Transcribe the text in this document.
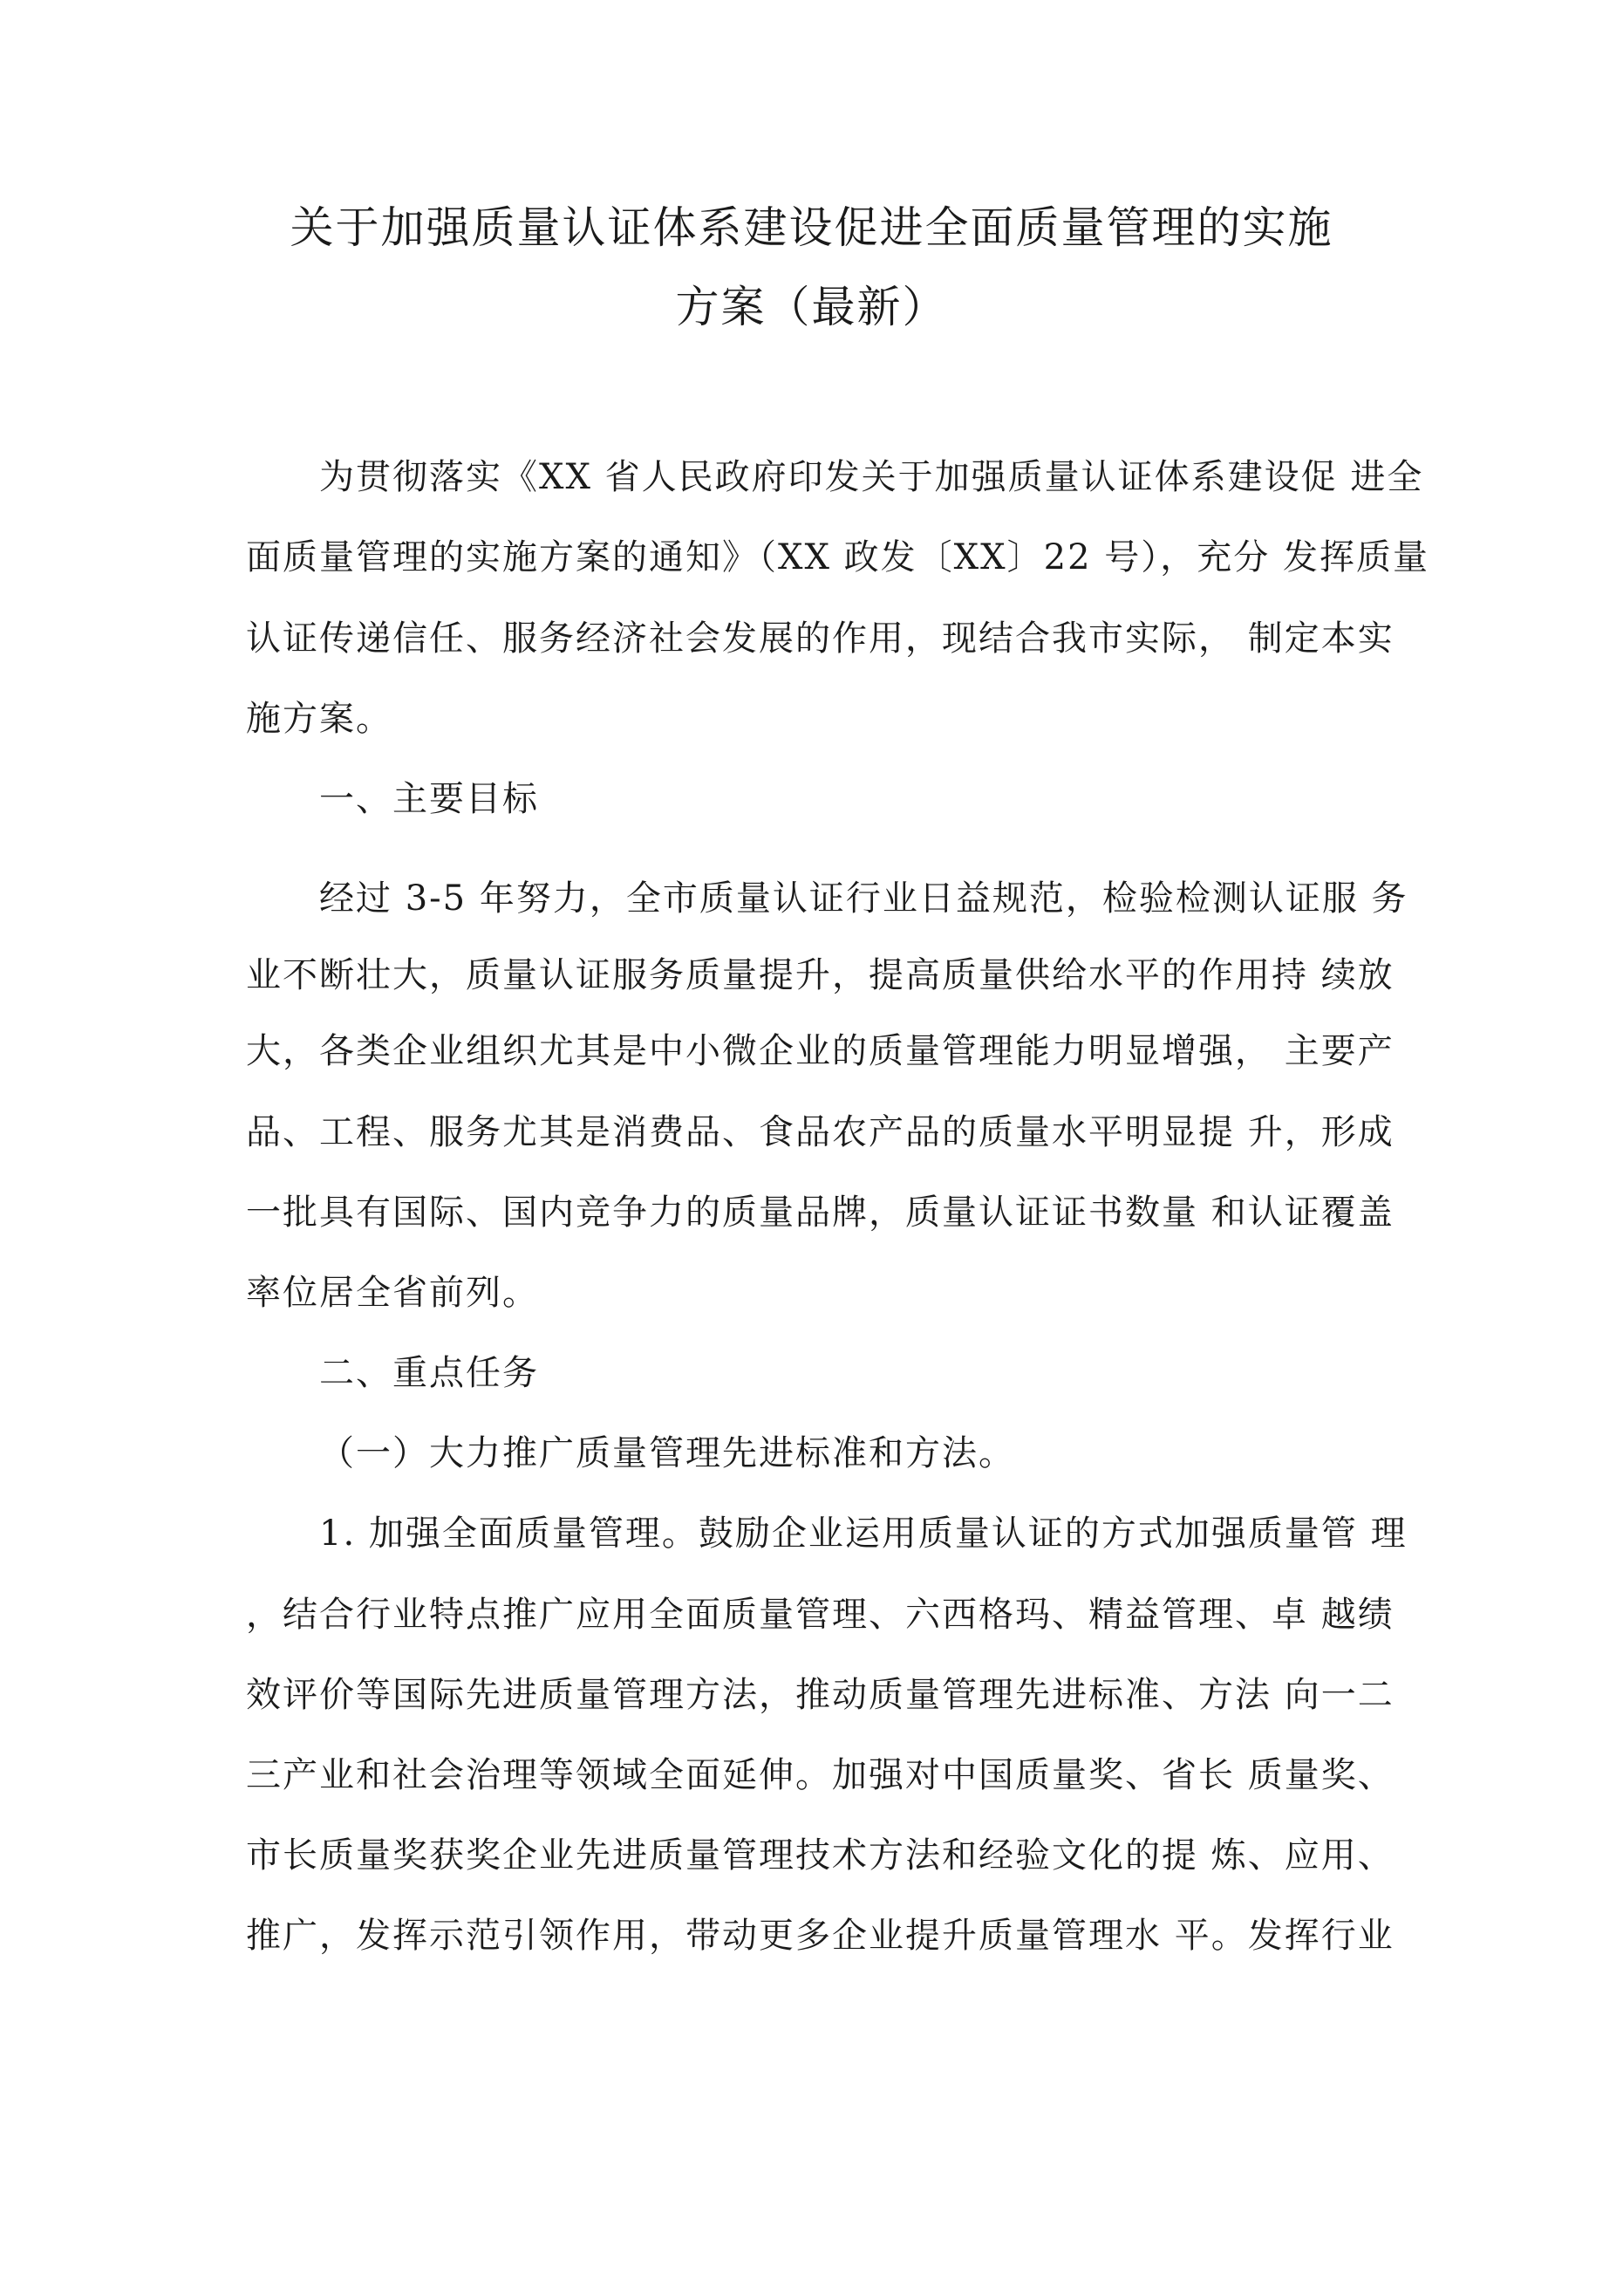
关于加强质量认证体系建设促进全面质量管理的实施
方案（最新）
为贯彻落实《XX 省人民政府印发关于加强质量认证体系建设促 进全
面质量管理的实施方案的通知》（XX 政发〔XX〕22 号），充分 发挥质量
认证传递信任、服务经济社会发展的作用，现结合我市实际， 制定本实
施方案。
一、主要目标
经过 3-5 年努力，全市质量认证行业日益规范，检验检测认证服 务
业不断壮大，质量认证服务质量提升，提高质量供给水平的作用持 续放
大，各类企业组织尤其是中小微企业的质量管理能力明显增强， 主要产
品、工程、服务尤其是消费品、食品农产品的质量水平明显提 升，形成
一批具有国际、国内竞争力的质量品牌，质量认证证书数量 和认证覆盖
率位居全省前列。
二、重点任务
（一）大力推广质量管理先进标准和方法。
1. 加强全面质量管理。鼓励企业运用质量认证的方式加强质量管 理
，结合行业特点推广应用全面质量管理、六西格玛、精益管理、卓 越绩
效评价等国际先进质量管理方法，推动质量管理先进标准、方法 向一二
三产业和社会治理等领域全面延伸。加强对中国质量奖、省长 质量奖、
市长质量奖获奖企业先进质量管理技术方法和经验文化的提 炼、应用、
推广，发挥示范引领作用，带动更多企业提升质量管理水 平。发挥行业
